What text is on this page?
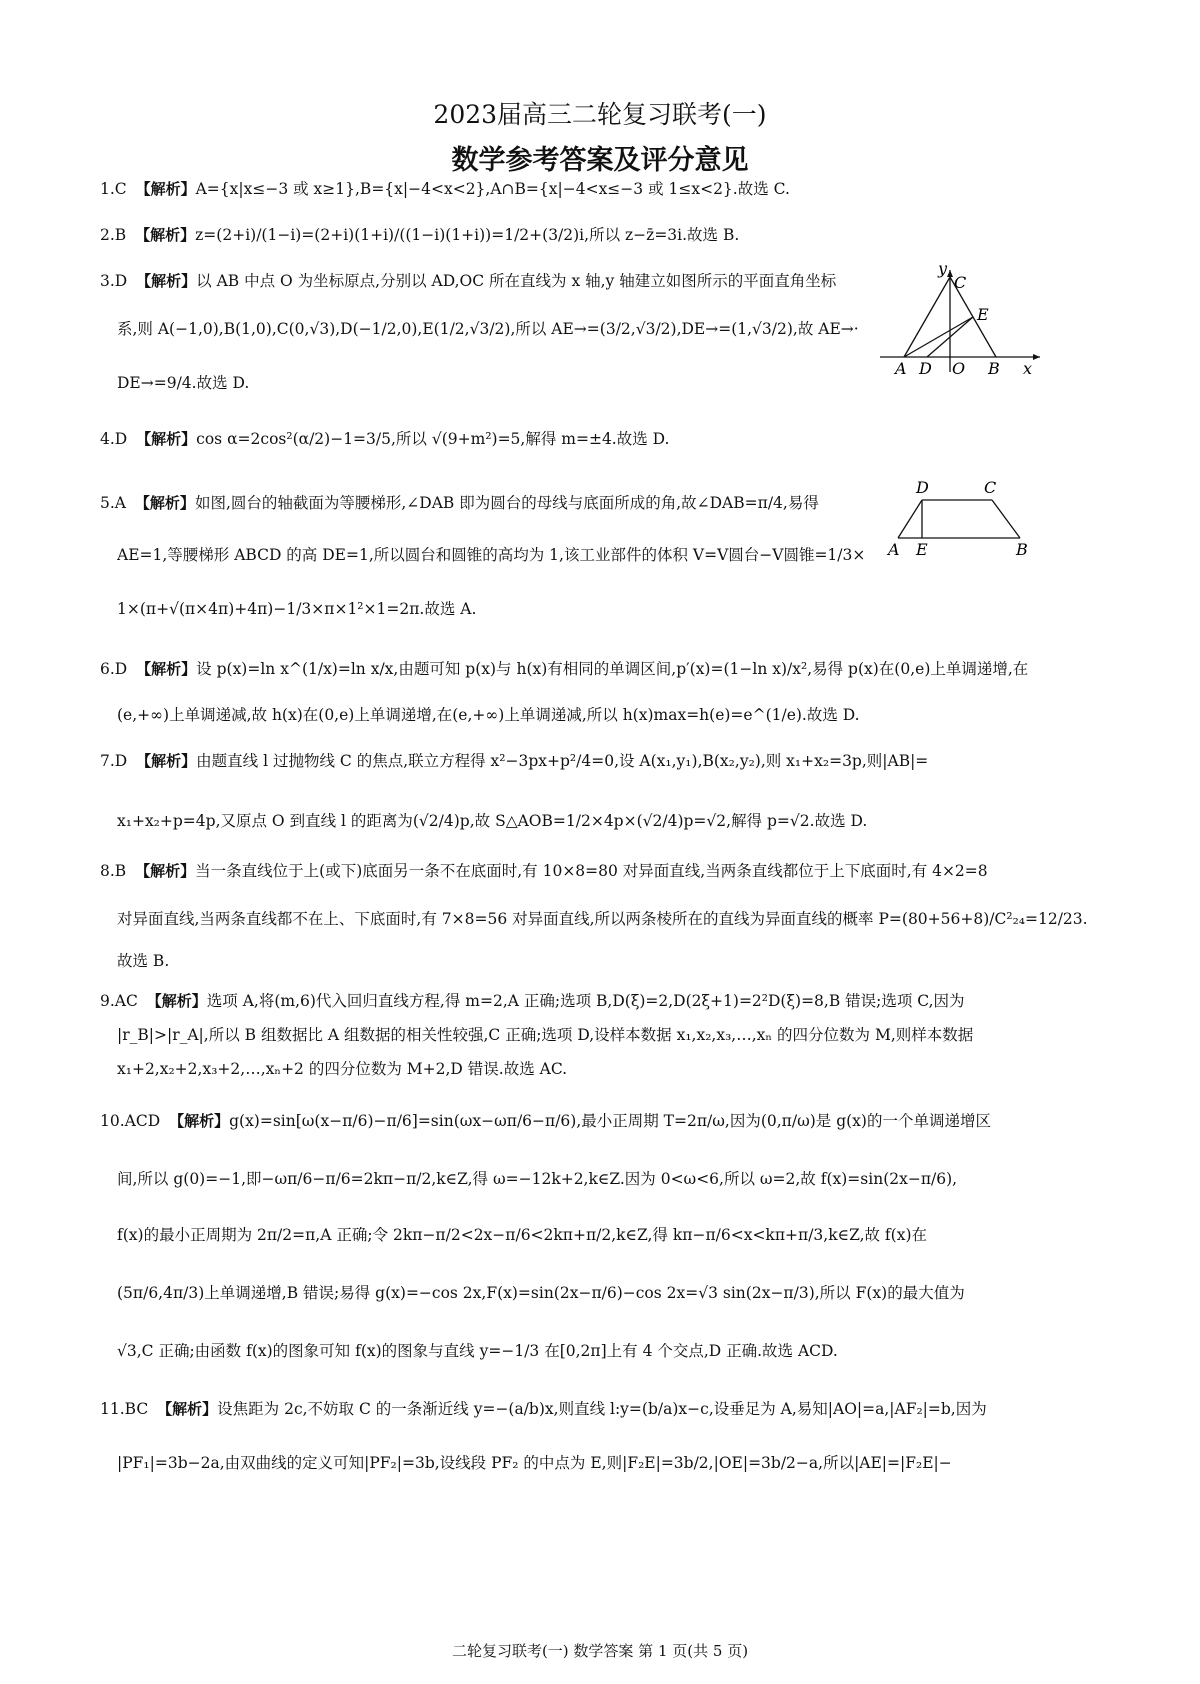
2023届高三二轮复习联考(一)
数学参考答案及评分意见
1.C 【解析】A={x|x≤−3 或 x≥1},B={x|−4<x<2},A∩B={x|−4<x≤−3 或 1≤x<2}.故选 C.
2.B 【解析】z=(2+i)/(1−i)=(2+i)(1+i)/((1−i)(1+i))=1/2+(3/2)i,所以 z−z̄=3i.故选 B.
3.D 【解析】以 AB 中点 O 为坐标原点,分别以 AD,OC 所在直线为 x 轴,y 轴建立如图所示的平面直角坐标
系,则 A(−1,0),B(1,0),C(0,√3),D(−1/2,0),E(1/2,√3/2),所以 AE→=(3/2,√3/2),DE→=(1,√3/2),故 AE→·
DE→=9/4.故选 D.
y
C
E
A D O B x
4.D 【解析】cos α=2cos²(α/2)−1=3/5,所以 √(9+m²)=5,解得 m=±4.故选 D.
5.A 【解析】如图,圆台的轴截面为等腰梯形,∠DAB 即为圆台的母线与底面所成的角,故∠DAB=π/4,易得
AE=1,等腰梯形 ABCD 的高 DE=1,所以圆台和圆锥的高均为 1,该工业部件的体积 V=V圆台−V圆锥=1/3×
1×(π+√(π×4π)+4π)−1/3×π×1²×1=2π.故选 A.
D	C
A E	B
6.D 【解析】设 p(x)=ln x^(1/x)=ln x/x,由题可知 p(x)与 h(x)有相同的单调区间,p′(x)=(1−ln x)/x²,易得 p(x)在(0,e)上单调递增,在
(e,+∞)上单调递减,故 h(x)在(0,e)上单调递增,在(e,+∞)上单调递减,所以 h(x)max=h(e)=e^(1/e).故选 D.
7.D 【解析】由题直线 l 过抛物线 C 的焦点,联立方程得 x²−3px+p²/4=0,设 A(x₁,y₁),B(x₂,y₂),则 x₁+x₂=3p,则|AB|=
x₁+x₂+p=4p,又原点 O 到直线 l 的距离为(√2/4)p,故 S△AOB=1/2×4p×(√2/4)p=√2,解得 p=√2.故选 D.
8.B 【解析】当一条直线位于上(或下)底面另一条不在底面时,有 10×8=80 对异面直线,当两条直线都位于上下底面时,有 4×2=8
对异面直线,当两条直线都不在上、下底面时,有 7×8=56 对异面直线,所以两条棱所在的直线为异面直线的概率 P=(80+56+8)/C²₂₄=12/23.
故选 B.
9.AC 【解析】选项 A,将(m,6)代入回归直线方程,得 m=2,A 正确;选项 B,D(ξ)=2,D(2ξ+1)=2²D(ξ)=8,B 错误;选项 C,因为
|r_B|>|r_A|,所以 B 组数据比 A 组数据的相关性较强,C 正确;选项 D,设样本数据 x₁,x₂,x₃,…,xₙ 的四分位数为 M,则样本数据
x₁+2,x₂+2,x₃+2,…,xₙ+2 的四分位数为 M+2,D 错误.故选 AC.
10.ACD 【解析】g(x)=sin[ω(x−π/6)−π/6]=sin(ωx−ωπ/6−π/6),最小正周期 T=2π/ω,因为(0,π/ω)是 g(x)的一个单调递增区
间,所以 g(0)=−1,即−ωπ/6−π/6=2kπ−π/2,k∈Z,得 ω=−12k+2,k∈Z.因为 0<ω<6,所以 ω=2,故 f(x)=sin(2x−π/6),
f(x)的最小正周期为 2π/2=π,A 正确;令 2kπ−π/2<2x−π/6<2kπ+π/2,k∈Z,得 kπ−π/6<x<kπ+π/3,k∈Z,故 f(x)在
(5π/6,4π/3)上单调递增,B 错误;易得 g(x)=−cos 2x,F(x)=sin(2x−π/6)−cos 2x=√3 sin(2x−π/3),所以 F(x)的最大值为
√3,C 正确;由函数 f(x)的图象可知 f(x)的图象与直线 y=−1/3 在[0,2π]上有 4 个交点,D 正确.故选 ACD.
11.BC 【解析】设焦距为 2c,不妨取 C 的一条渐近线 y=−(a/b)x,则直线 l:y=(b/a)x−c,设垂足为 A,易知|AO|=a,|AF₂|=b,因为
|PF₁|=3b−2a,由双曲线的定义可知|PF₂|=3b,设线段 PF₂ 的中点为 E,则|F₂E|=3b/2,|OE|=3b/2−a,所以|AE|=|F₂E|−
二轮复习联考(一) 数学答案 第 1 页(共 5 页)
